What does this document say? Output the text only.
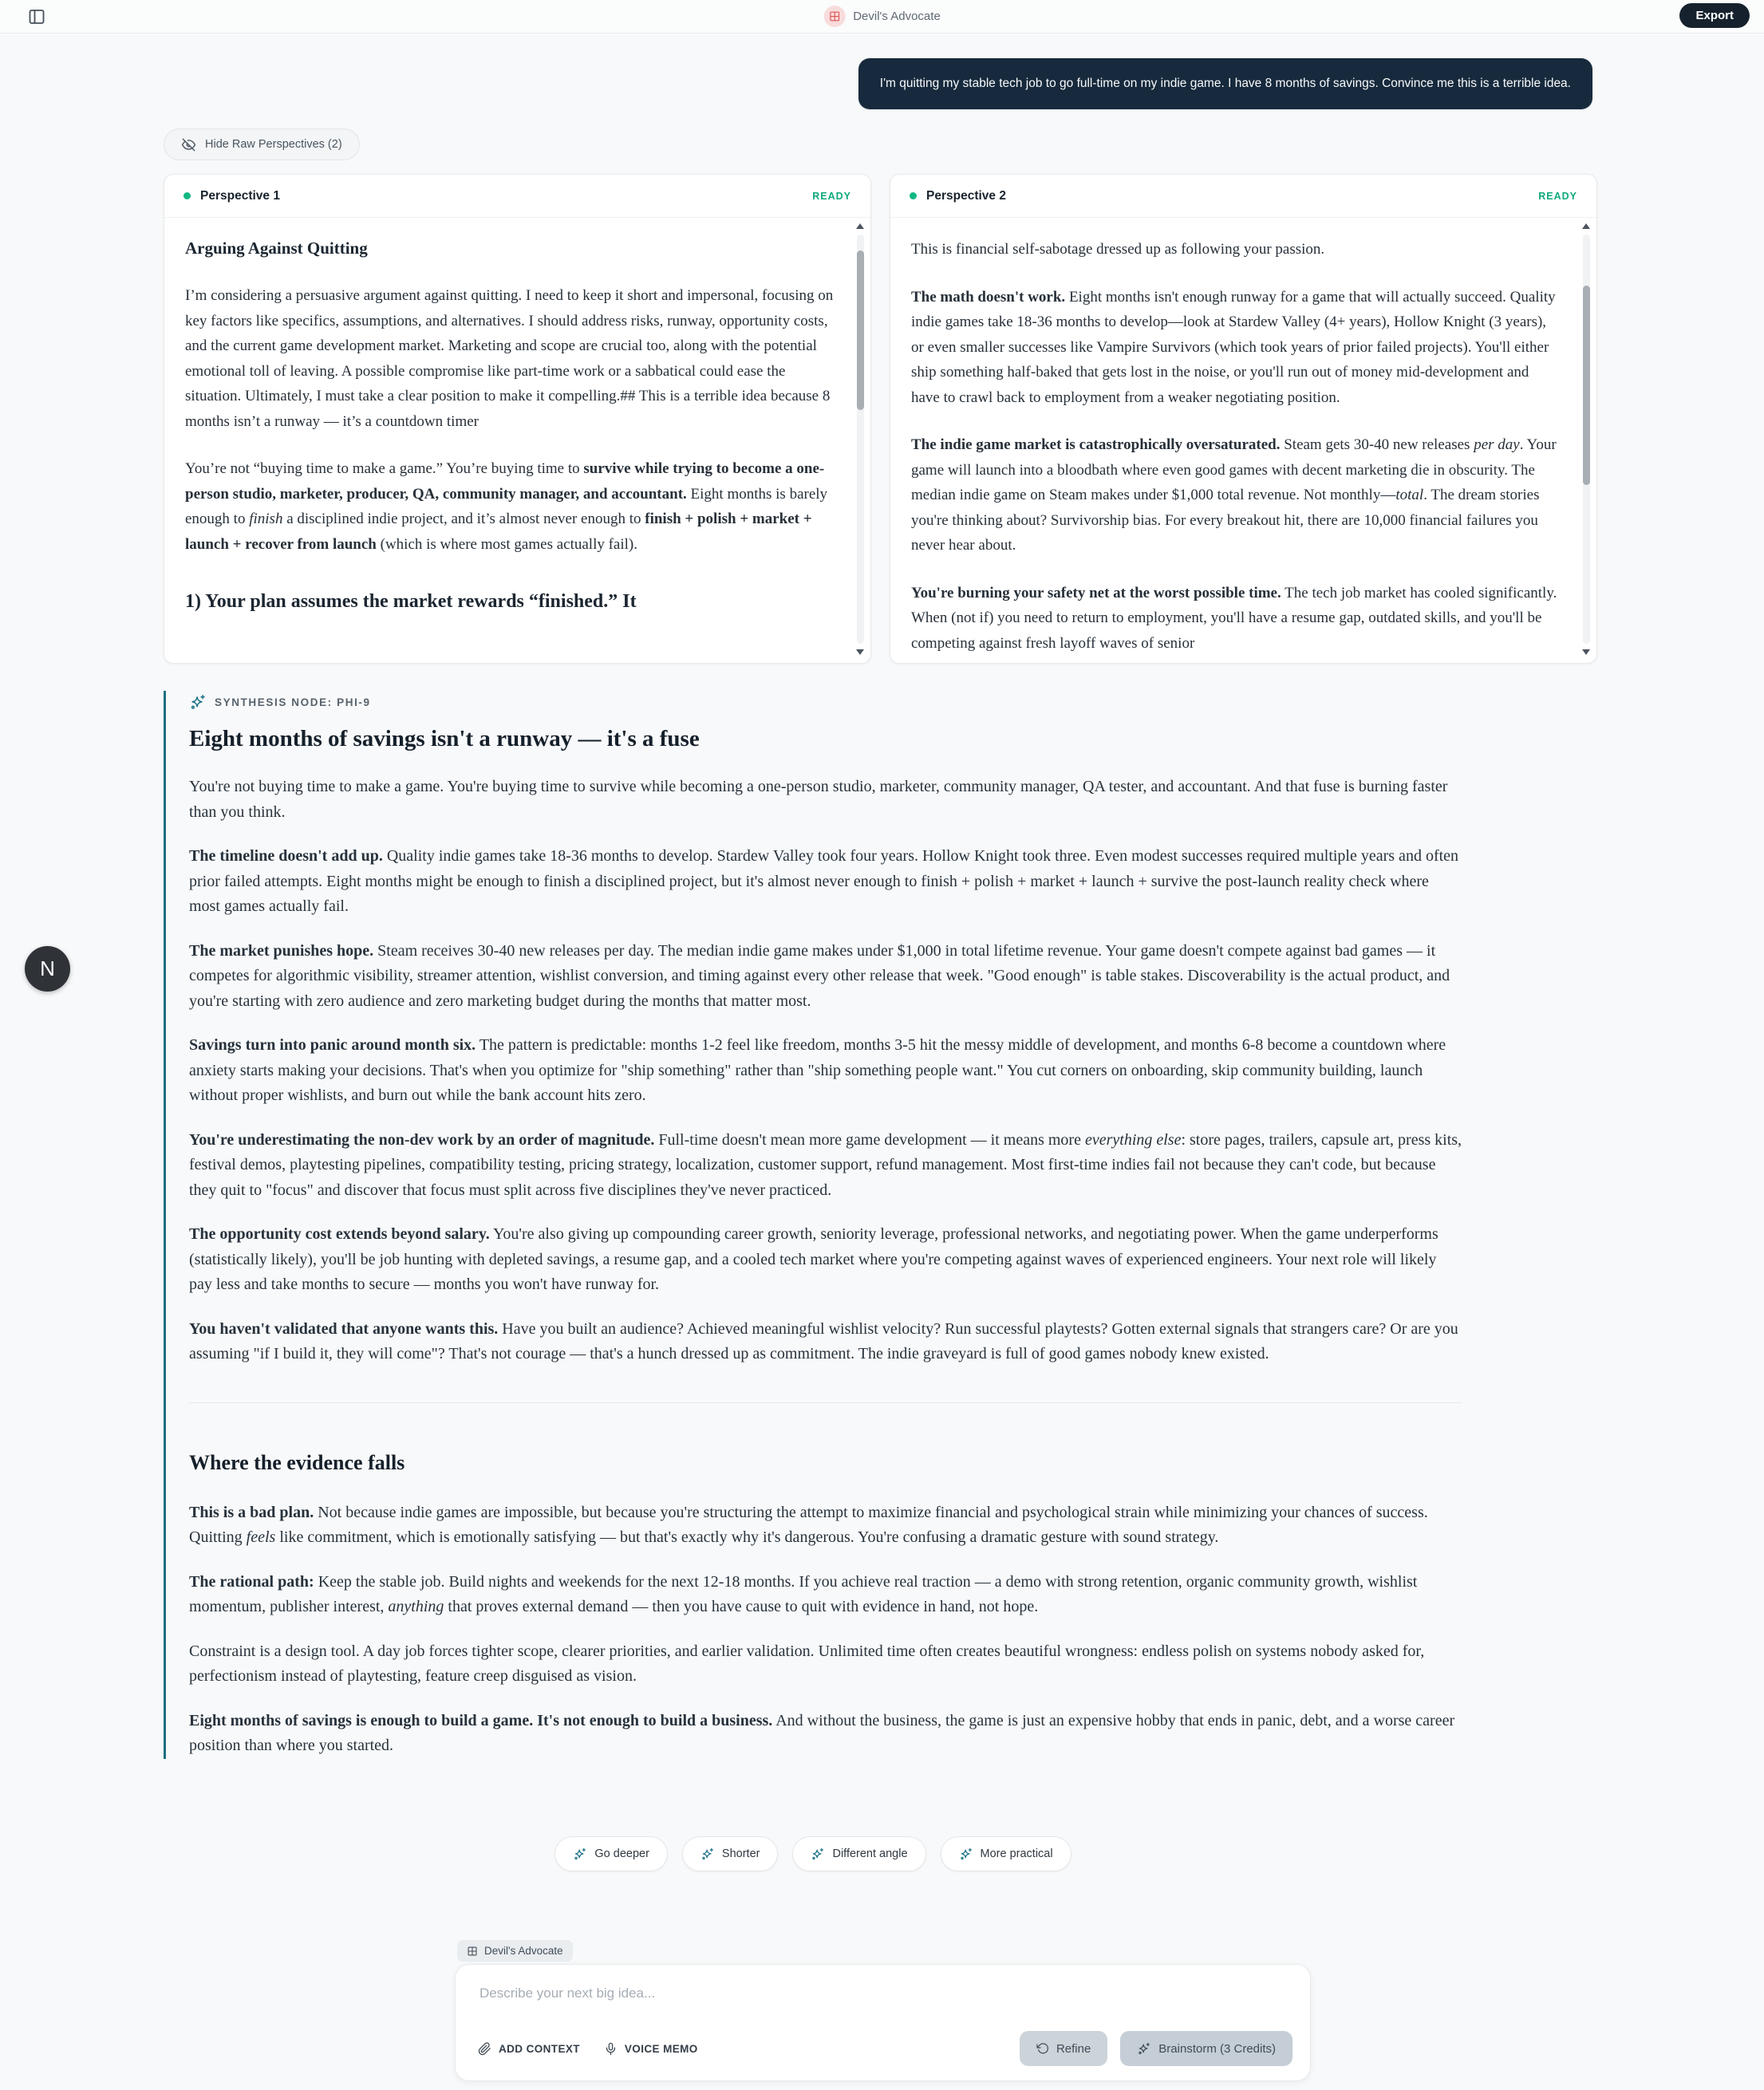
Devil's Advocate	Export
I'm quitting my stable tech job to go full-time on my indie game. I have 8 months of savings. Convince me this is a terrible idea.
Hide Raw Perspectives (2)
Perspective 1	READY
Arguing Against Quitting

I’m considering a persuasive argument against quitting. I need to keep it short and impersonal, focusing on key factors like specifics, assumptions, and alternatives. I should address risks, runway, opportunity costs, and the current game development market. Marketing and scope are crucial too, along with the potential emotional toll of leaving. A possible compromise like part-time work or a sabbatical could ease the situation. Ultimately, I must take a clear position to make it compelling.## This is a terrible idea because 8 months isn’t a runway — it’s a countdown timer

You’re not “buying time to make a game.” You’re buying time to survive while trying to become a one-person studio, marketer, producer, QA, community manager, and accountant. Eight months is barely enough to finish a disciplined indie project, and it’s almost never enough to finish + polish + market + launch + recover from launch (which is where most games actually fail).

1) Your plan assumes the market rewards “finished.” It
Perspective 2	READY

This is financial self-sabotage dressed up as following your passion.

The math doesn't work. Eight months isn't enough runway for a game that will actually succeed. Quality indie games take 18-36 months to develop—look at Stardew Valley (4+ years), Hollow Knight (3 years), or even smaller successes like Vampire Survivors (which took years of prior failed projects). You'll either ship something half-baked that gets lost in the noise, or you'll run out of money mid-development and have to crawl back to employment from a weaker negotiating position.

The indie game market is catastrophically oversaturated. Steam gets 30-40 new releases per day. Your game will launch into a bloodbath where even good games with decent marketing die in obscurity. The median indie game on Steam makes under $1,000 total revenue. Not monthly—total. The dream stories you're thinking about? Survivorship bias. For every breakout hit, there are 10,000 financial failures you never hear about.

You're burning your safety net at the worst possible time. The tech job market has cooled significantly. When (not if) you need to return to employment, you'll have a resume gap, outdated skills, and you'll be competing against fresh layoff waves of senior

SYNTHESIS NODE: PHI-9
Eight months of savings isn't a runway — it's a fuse

You're not buying time to make a game. You're buying time to survive while becoming a one-person studio, marketer, community manager, QA tester, and accountant. And that fuse is burning faster than you think.

The timeline doesn't add up. Quality indie games take 18-36 months to develop. Stardew Valley took four years. Hollow Knight took three. Even modest successes required multiple years and often prior failed attempts. Eight months might be enough to finish a disciplined project, but it's almost never enough to finish + polish + market + launch + survive the post-launch reality check where most games actually fail.

The market punishes hope. Steam receives 30-40 new releases per day. The median indie game makes under $1,000 in total lifetime revenue. Your game doesn't compete against bad games — it competes for algorithmic visibility, streamer attention, wishlist conversion, and timing against every other release that week. "Good enough" is table stakes. Discoverability is the actual product, and you're starting with zero audience and zero marketing budget during the months that matter most.

Savings turn into panic around month six. The pattern is predictable: months 1-2 feel like freedom, months 3-5 hit the messy middle of development, and months 6-8 become a countdown where anxiety starts making your decisions. That's when you optimize for "ship something" rather than "ship something people want." You cut corners on onboarding, skip community building, launch without proper wishlists, and burn out while the bank account hits zero.

You're underestimating the non-dev work by an order of magnitude. Full-time doesn't mean more game development — it means more everything else: store pages, trailers, capsule art, press kits, festival demos, playtesting pipelines, compatibility testing, pricing strategy, localization, customer support, refund management. Most first-time indies fail not because they can't code, but because they quit to "focus" and discover that focus must split across five disciplines they've never practiced.

The opportunity cost extends beyond salary. You're also giving up compounding career growth, seniority leverage, professional networks, and negotiating power. When the game underperforms (statistically likely), you'll be job hunting with depleted savings, a resume gap, and a cooled tech market where you're competing against waves of experienced engineers. Your next role will likely pay less and take months to secure — months you won't have runway for.

You haven't validated that anyone wants this. Have you built an audience? Achieved meaningful wishlist velocity? Run successful playtests? Gotten external signals that strangers care? Or are you assuming "if I build it, they will come"? That's not courage — that's a hunch dressed up as commitment. The indie graveyard is full of good games nobody knew existed.

Where the evidence falls

This is a bad plan. Not because indie games are impossible, but because you're structuring the attempt to maximize financial and psychological strain while minimizing your chances of success. Quitting feels like commitment, which is emotionally satisfying — but that's exactly why it's dangerous. You're confusing a dramatic gesture with sound strategy.

The rational path: Keep the stable job. Build nights and weekends for the next 12-18 months. If you achieve real traction — a demo with strong retention, organic community growth, wishlist momentum, publisher interest, anything that proves external demand — then you have cause to quit with evidence in hand, not hope.

Constraint is a design tool. A day job forces tighter scope, clearer priorities, and earlier validation. Unlimited time often creates beautiful wrongness: endless polish on systems nobody asked for, perfectionism instead of playtesting, feature creep disguised as vision.

Eight months of savings is enough to build a game. It's not enough to build a business. And without the business, the game is just an expensive hobby that ends in panic, debt, and a worse career position than where you started.

Go deeper	Shorter	Different angle	More practical
Devil's Advocate
Describe your next big idea...
ADD CONTEXT	VOICE MEMO	Refine	Brainstorm (3 Credits)
N
